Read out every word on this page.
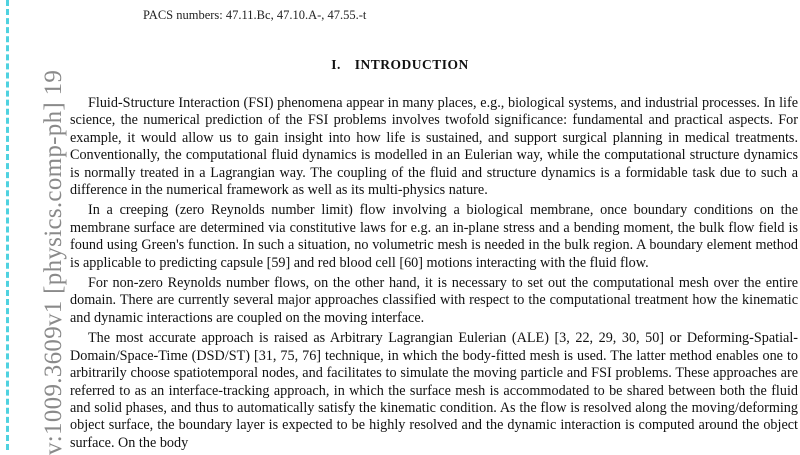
v:1009.3609v1 [physics.comp-ph] 19
PACS numbers: 47.11.Bc, 47.10.A-, 47.55.-t
I. INTRODUCTION

Fluid-Structure Interaction (FSI) phenomena appear in many places, e.g., biological systems, and industrial processes. In life science, the numerical prediction of the FSI problems involves twofold significance: fundamental and practical aspects. For example, it would allow us to gain insight into how life is sustained, and support surgical planning in medical treatments. Conventionally, the computational fluid dynamics is modelled in an Eulerian way, while the computational structure dynamics is normally treated in a Lagrangian way. The coupling of the fluid and structure dynamics is a formidable task due to such a difference in the numerical framework as well as its multi-physics nature.

In a creeping (zero Reynolds number limit) flow involving a biological membrane, once boundary conditions on the membrane surface are determined via constitutive laws for e.g. an in-plane stress and a bending moment, the bulk flow field is found using Green's function. In such a situation, no volumetric mesh is needed in the bulk region. A boundary element method is applicable to predicting capsule [59] and red blood cell [60] motions interacting with the fluid flow.

For non-zero Reynolds number flows, on the other hand, it is necessary to set out the computational mesh over the entire domain. There are currently several major approaches classified with respect to the computational treatment how the kinematic and dynamic interactions are coupled on the moving interface.

The most accurate approach is raised as Arbitrary Lagrangian Eulerian (ALE) [3, 22, 29, 30, 50] or Deforming-Spatial-Domain/Space-Time (DSD/ST) [31, 75, 76] technique, in which the body-fitted mesh is used. The latter method enables one to arbitrarily choose spatiotemporal nodes, and facilitates to simulate the moving particle and FSI problems. These approaches are referred to as an interface-tracking approach, in which the surface mesh is accommodated to be shared between both the fluid and solid phases, and thus to automatically satisfy the kinematic condition. As the flow is resolved along the moving/deforming object surface, the boundary layer is expected to be highly resolved and the dynamic interaction is computed around the object surface. On the body
